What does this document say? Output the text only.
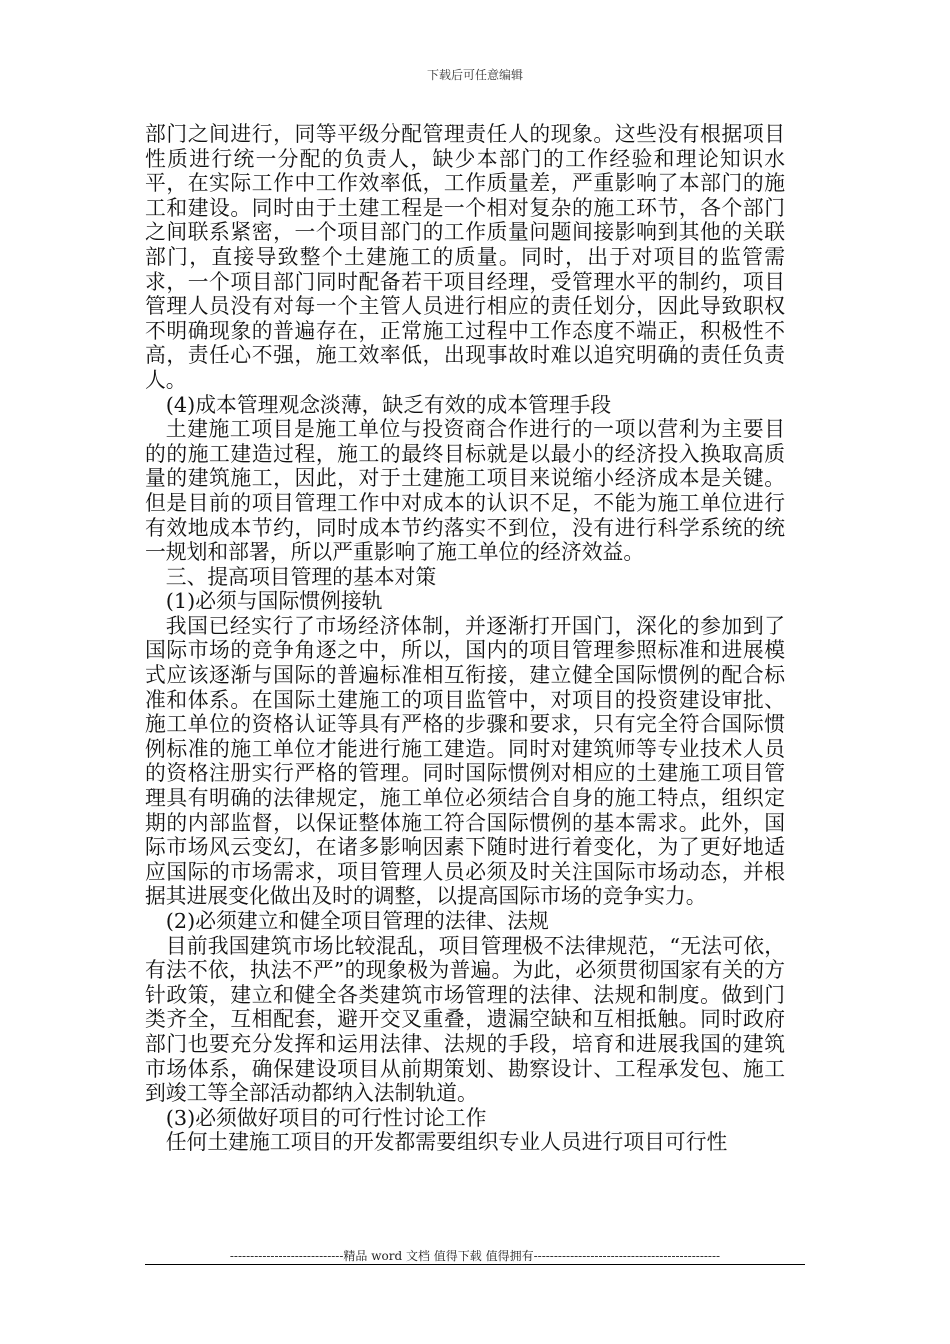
下载后可任意编辑

部门之间进行，同等平级分配管理责任人的现象。这些没有根据项目性质进行统一分配的负责人，缺少本部门的工作经验和理论知识水平，在实际工作中工作效率低，工作质量差，严重影响了本部门的施工和建设。同时由于土建工程是一个相对复杂的施工环节，各个部门之间联系紧密，一个项目部门的工作质量问题间接影响到其他的关联部门，直接导致整个土建施工的质量。同时，出于对项目的监管需求，一个项目部门同时配备若干项目经理，受管理水平的制约，项目管理人员没有对每一个主管人员进行相应的责任划分，因此导致职权不明确现象的普遍存在，正常施工过程中工作态度不端正，积极性不高，责任心不强，施工效率低，出现事故时难以追究明确的责任负责人。

(4)成本管理观念淡薄，缺乏有效的成本管理手段

土建施工项目是施工单位与投资商合作进行的一项以营利为主要目的的施工建造过程，施工的最终目标就是以最小的经济投入换取高质量的建筑施工，因此，对于土建施工项目来说缩小经济成本是关键。但是目前的项目管理工作中对成本的认识不足，不能为施工单位进行有效地成本节约，同时成本节约落实不到位，没有进行科学系统的统一规划和部署，所以严重影响了施工单位的经济效益。

三、提高项目管理的基本对策

(1)必须与国际惯例接轨

我国已经实行了市场经济体制，并逐渐打开国门，深化的参加到了国际市场的竞争角逐之中，所以，国内的项目管理参照标准和进展模式应该逐渐与国际的普遍标准相互衔接，建立健全国际惯例的配合标准和体系。在国际土建施工的项目监管中，对项目的投资建设审批、施工单位的资格认证等具有严格的步骤和要求，只有完全符合国际惯例标准的施工单位才能进行施工建造。同时对建筑师等专业技术人员的资格注册实行严格的管理。同时国际惯例对相应的土建施工项目管理具有明确的法律规定，施工单位必须结合自身的施工特点，组织定期的内部监督，以保证整体施工符合国际惯例的基本需求。此外，国际市场风云变幻，在诸多影响因素下随时进行着变化，为了更好地适应国际的市场需求，项目管理人员必须及时关注国际市场动态，并根据其进展变化做出及时的调整，以提高国际市场的竞争实力。

(2)必须建立和健全项目管理的法律、法规

目前我国建筑市场比较混乱，项目管理极不法律规范，“无法可依，有法不依，执法不严”的现象极为普遍。为此，必须贯彻国家有关的方针政策，建立和健全各类建筑市场管理的法律、法规和制度。做到门类齐全，互相配套，避开交叉重叠，遗漏空缺和互相抵触。同时政府部门也要充分发挥和运用法律、法规的手段，培育和进展我国的建筑市场体系，确保建设项目从前期策划、勘察设计、工程承发包、施工到竣工等全部活动都纳入法制轨道。

(3)必须做好项目的可行性讨论工作

任何土建施工项目的开发都需要组织专业人员进行项目可行性

----------------------------精品 word 文档 值得下载 值得拥有----------------------------------------------
